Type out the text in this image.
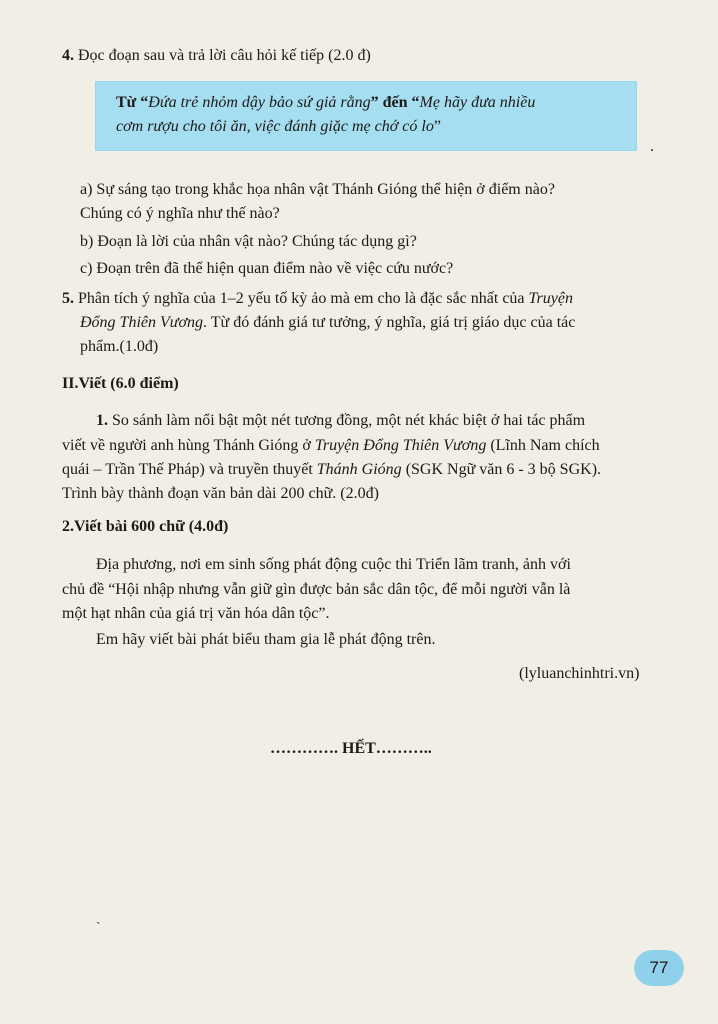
4. Đọc đoạn sau và trả lời câu hỏi kế tiếp (2.0 đ)
Từ “Đứa trẻ nhỏm dậy bảo sứ giả rằng” đến “Mẹ hãy đưa nhiều
cơm rượu cho tôi ăn, việc đánh giặc mẹ chớ có lo”
.
a) Sự sáng tạo trong khắc họa nhân vật Thánh Gióng thể hiện ở điểm nào?
Chúng có ý nghĩa như thế nào?
b) Đoạn là lời của nhân vật nào? Chúng tác dụng gì?
c) Đoạn trên đã thể hiện quan điểm nào về việc cứu nước?
5. Phân tích ý nghĩa của 1–2 yếu tố kỳ ảo mà em cho là đặc sắc nhất của Truyện
Đổng Thiên Vương. Từ đó đánh giá tư tưởng, ý nghĩa, giá trị giáo dục của tác
phẩm.(1.0đ)
II.Viết (6.0 điểm)
1. So sánh làm nổi bật một nét tương đồng, một nét khác biệt ở hai tác phẩm
viết về người anh hùng Thánh Gióng ở Truyện Đổng Thiên Vương (Lĩnh Nam chích
quái – Trần Thế Pháp) và truyền thuyết Thánh Gióng (SGK Ngữ văn 6 - 3 bộ SGK).
Trình bày thành đoạn văn bản dài 200 chữ. (2.0đ)
2.Viết bài 600 chữ (4.0đ)
Địa phương, nơi em sinh sống phát động cuộc thi Triển lãm tranh, ảnh với
chủ đề “Hội nhập nhưng vẫn giữ gìn được bản sắc dân tộc, để mỗi người vẫn là
một hạt nhân của giá trị văn hóa dân tộc”.
Em hãy viết bài phát biểu tham gia lễ phát động trên.
(lyluanchinhtri.vn)
…………. HẾT………..
ˎ
77
